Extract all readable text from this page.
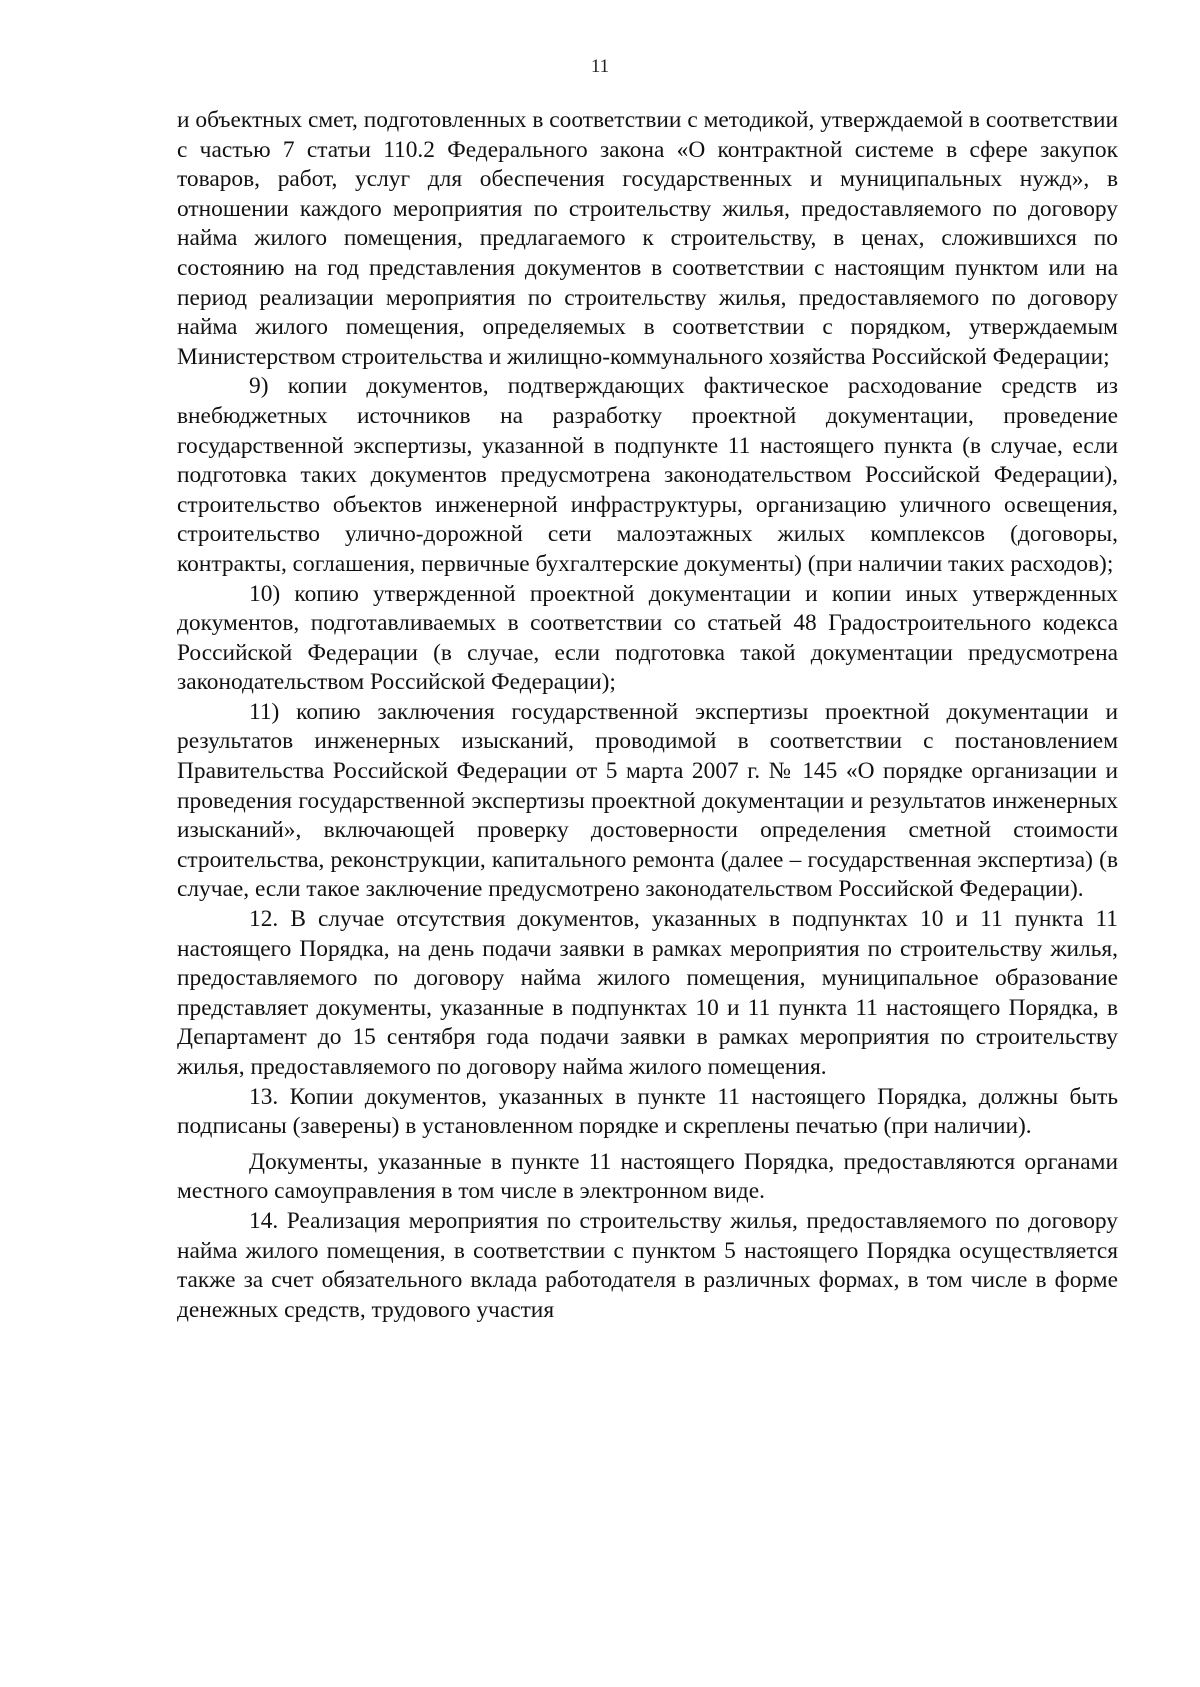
11

и объектных смет, подготовленных в соответствии с методикой, утверждаемой в соответствии с частью 7 статьи 110.2 Федерального закона «О контрактной системе в сфере закупок товаров, работ, услуг для обеспечения государственных и муниципальных нужд», в отношении каждого мероприятия по строительству жилья, предоставляемого по договору найма жилого помещения, предлагаемого к строительству, в ценах, сложившихся по состоянию на год представления документов в соответствии с настоящим пунктом или на период реализации мероприятия по строительству жилья, предоставляемого по договору найма жилого помещения, определяемых в соответствии с порядком, утверждаемым Министерством строительства и жилищно-коммунального хозяйства Российской Федерации;

9) копии документов, подтверждающих фактическое расходование средств из внебюджетных источников на разработку проектной документации, проведение государственной экспертизы, указанной в подпункте 11 настоящего пункта (в случае, если подготовка таких документов предусмотрена законодательством Российской Федерации), строительство объектов инженерной инфраструктуры, организацию уличного освещения, строительство улично-дорожной сети малоэтажных жилых комплексов (договоры, контракты, соглашения, первичные бухгалтерские документы) (при наличии таких расходов);

10) копию утвержденной проектной документации и копии иных утвержденных документов, подготавливаемых в соответствии со статьей 48 Градостроительного кодекса Российской Федерации (в случае, если подготовка такой документации предусмотрена законодательством Российской Федерации);

11) копию заключения государственной экспертизы проектной документации и результатов инженерных изысканий, проводимой в соответствии с постановлением Правительства Российской Федерации от 5 марта 2007 г. № 145 «О порядке организации и проведения государственной экспертизы проектной документации и результатов инженерных изысканий», включающей проверку достоверности определения сметной стоимости строительства, реконструкции, капитального ремонта (далее – государственная экспертиза) (в случае, если такое заключение предусмотрено законодательством Российской Федерации).

12. В случае отсутствия документов, указанных в подпунктах 10 и 11 пункта 11 настоящего Порядка, на день подачи заявки в рамках мероприятия по строительству жилья, предоставляемого по договору найма жилого помещения, муниципальное образование представляет документы, указанные в подпунктах 10 и 11 пункта 11 настоящего Порядка, в Департамент до 15 сентября года подачи заявки в рамках мероприятия по строительству жилья, предоставляемого по договору найма жилого помещения.

13. Копии документов, указанных в пункте 11 настоящего Порядка, должны быть подписаны (заверены) в установленном порядке и скреплены печатью (при наличии).

Документы, указанные в пункте 11 настоящего Порядка, предоставляются органами местного самоуправления в том числе в электронном виде.

14. Реализация мероприятия по строительству жилья, предоставляемого по договору найма жилого помещения, в соответствии с пунктом 5 настоящего Порядка осуществляется также за счет обязательного вклада работодателя в различных формах, в том числе в форме денежных средств, трудового участия
